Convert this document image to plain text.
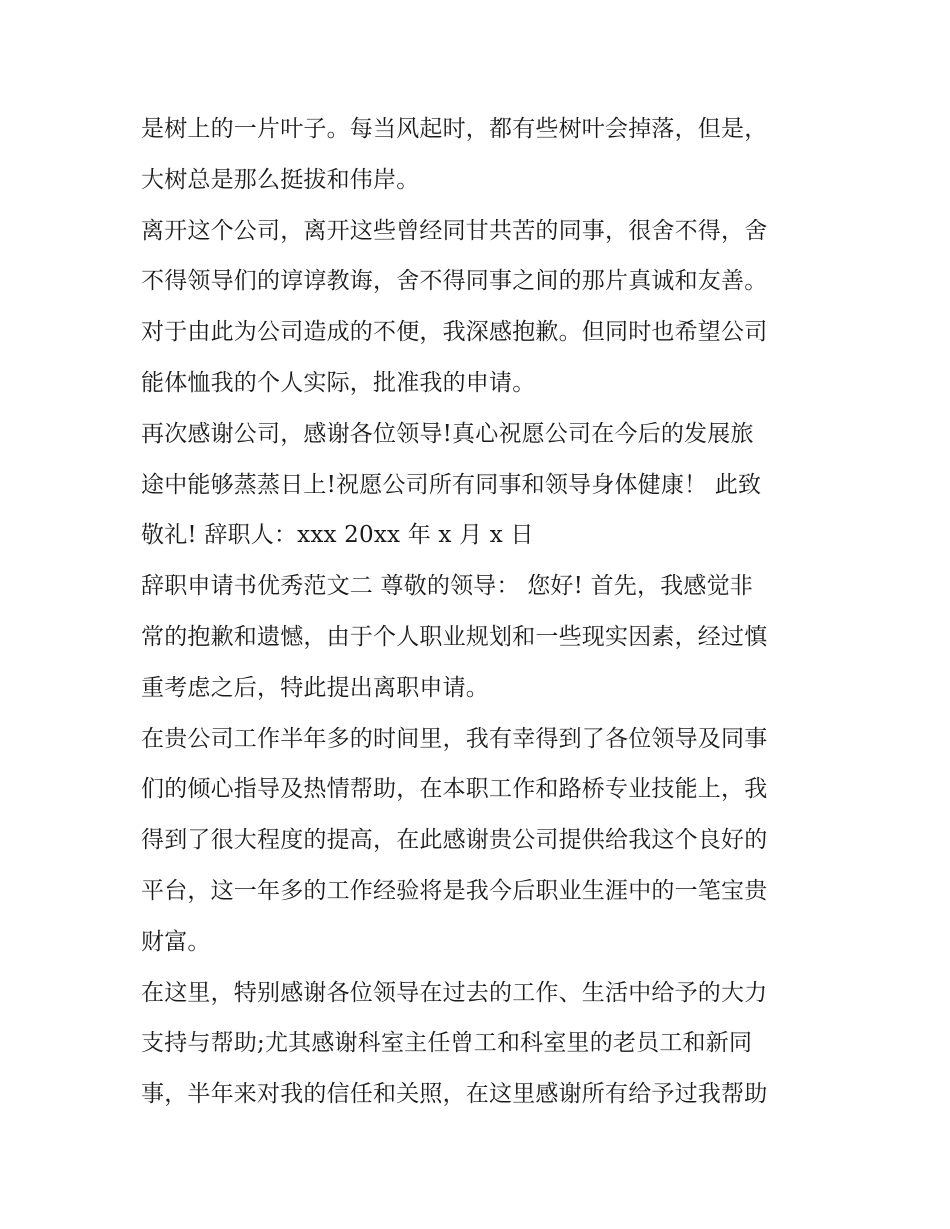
是树上的一片叶子。每当风起时，都有些树叶会掉落，但是，
大树总是那么挺拔和伟岸。
离开这个公司，离开这些曾经同甘共苦的同事，很舍不得，舍
不得领导们的谆谆教诲，舍不得同事之间的那片真诚和友善。
对于由此为公司造成的不便，我深感抱歉。但同时也希望公司
能体恤我的个人实际，批准我的申请。
再次感谢公司，感谢各位领导!真心祝愿公司在今后的发展旅
途中能够蒸蒸日上!祝愿公司所有同事和领导身体健康！ 此致
敬礼! 辞职人：xxx 20xx 年 x 月 x 日
辞职申请书优秀范文二 尊敬的领导： 您好! 首先，我感觉非
常的抱歉和遗憾，由于个人职业规划和一些现实因素，经过慎
重考虑之后，特此提出离职申请。
在贵公司工作半年多的时间里，我有幸得到了各位领导及同事
们的倾心指导及热情帮助，在本职工作和路桥专业技能上，我
得到了很大程度的提高，在此感谢贵公司提供给我这个良好的
平台，这一年多的工作经验将是我今后职业生涯中的一笔宝贵
财富。
在这里，特别感谢各位领导在过去的工作、生活中给予的大力
支持与帮助;尤其感谢科室主任曾工和科室里的老员工和新同
事，半年来对我的信任和关照，在这里感谢所有给予过我帮助
